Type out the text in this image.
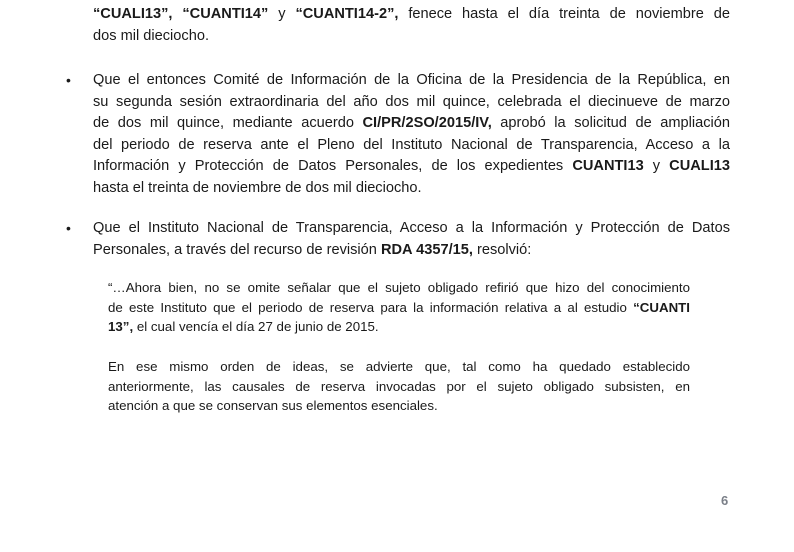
“CUALI13”, “CUANTI14” y “CUANTI14-2”, fenece hasta el día treinta de noviembre de
dos mil dieciocho.
•
Que el entonces Comité de Información de la Oficina de la Presidencia de la República, en
su segunda sesión extraordinaria del año dos mil quince, celebrada el diecinueve de marzo
de dos mil quince, mediante acuerdo CI/PR/2SO/2015/IV, aprobó la solicitud de ampliación
del periodo de reserva ante el Pleno del Instituto Nacional de Transparencia, Acceso a la
Información y Protección de Datos Personales, de los expedientes CUANTI13 y CUALI13
hasta el treinta de noviembre de dos mil dieciocho.
•
Que el Instituto Nacional de Transparencia, Acceso a la Información y Protección de Datos
Personales, a través del recurso de revisión RDA 4357/15, resolvió:
“…Ahora bien, no se omite señalar que el sujeto obligado refirió que hizo del conocimiento
de este Instituto que el periodo de reserva para la información relativa a al estudio “CUANTI
13”, el cual vencía el día 27 de junio de 2015.
En ese mismo orden de ideas, se advierte que, tal como ha quedado establecido
anteriormente, las causales de reserva invocadas por el sujeto obligado subsisten, en
atención a que se conservan sus elementos esenciales.
6
